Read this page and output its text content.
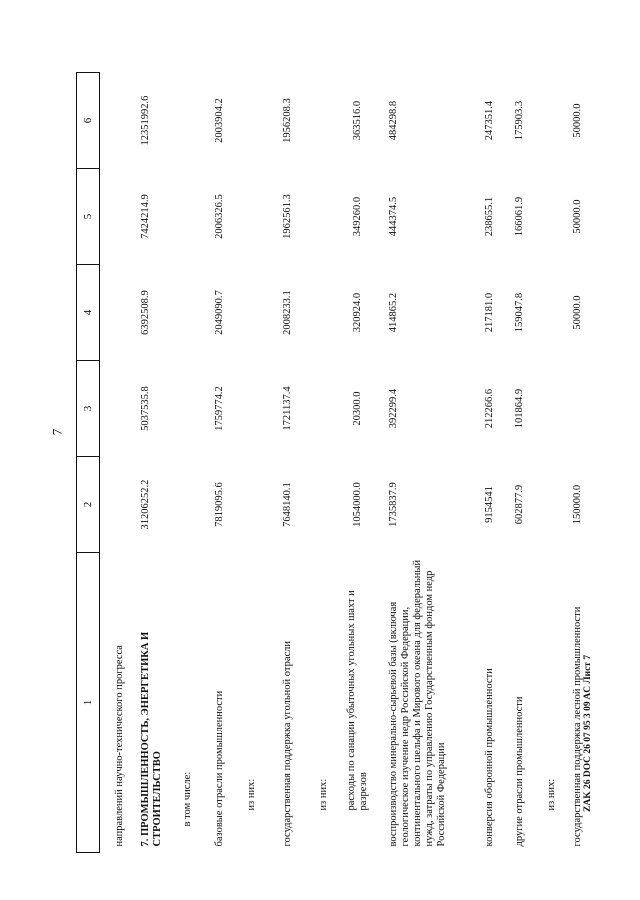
7
ZAK 26 DOC 26 07 95 3 09 AC Лист 7
1	2	3	4	5	6
направлений научно-технического прогресса					
7. ПРОМЫШЛЕННОСТЬ, ЭНЕРГЕТИКА И СТРОИТЕЛЬСТВО	31206252.2	5037535.8	6392508.9	7424214.9	12351992.6
в том числе:					
базовые отрасли промышленности	7819095.6	1759774.2	2049090.7	2006326.5	2003904.2
из них:					
государственная поддержка угольной отрасли	7648140.1	1721137.4	2008233.1	1962561.3	1956208.3
из них:					
расходы по санации убыточных угольных шахт и разрезов	1054000.0	20300.0	320924.0	349260.0	363516.0
воспроизводство минерально-сырьевой базы (включая геологическое изучение недр Российской Федерации, континентального шельфа и Мирового океана для федеральный нужд, затраты по управлению Государственным фондом недр Российской Федерации	1735837.9	392299.4	414865.2	444374.5	484298.8
конверсия оборонной промышленности	9154541	212266.6	217181.0	238655.1	247351.4
другие отрасли промышленности	602877.9	101864.9	159047.8	166061.9	175903.3
из них:					
государственная поддержка лесной промышленности	150000.0		50000.0	50000.0	50000.0
